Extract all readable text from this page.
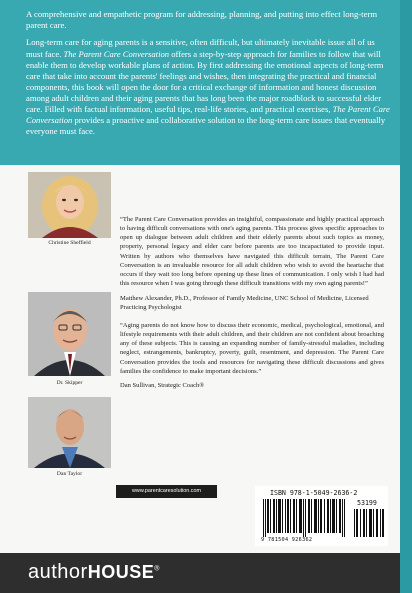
A comprehensive and empathetic program for addressing, planning, and putting into effect long-term parent care.

Long-term care for aging parents is a sensitive, often difficult, but ultimately inevitable issue all of us must face. The Parent Care Conversation offers a step-by-step approach for families to follow that will enable them to develop workable plans of action. By first addressing the emotional aspects of long-term care that take into account the parents' feelings and wishes, then integrating the practical and financial components, this book will open the door for a critical exchange of information and honest discussion among adult children and their aging parents that has long been the major roadblock to successful elder care. Filled with factual information, useful tips, real-life stories, and practical exercises, The Parent Care Conversation provides a proactive and collaborative solution to the long-term care issues that eventually everyone must face.

Christine Sheffield
Dr. Skipper
Dan Taylor

“The Parent Care Conversation provides an insightful, compassionate and highly practical approach to having difficult conversations with one's aging parents. This process gives specific approaches to open up dialogue between adult children and their elderly parents about such topics as money, property, personal legacy and elder care before parents are too incapacitated to provide input. Written by authors who themselves have navigated this difficult terrain, The Parent Care Conversation is an invaluable resource for all adult children who wish to avoid the heartache that occurs if they wait too long before opening up these lines of communication. I only wish I had had this resource when I was going through these difficult transitions with my own aging parents!”

Matthew Alexander, Ph.D., Professor of Family Medicine, UNC School of Medicine, Licensed Practicing Psychologist

“Aging parents do not know how to discuss their economic, medical, psychological, emotional, and lifestyle requirements with their adult children, and their children are not confident about broaching any of these subjects. This is causing an expanding number of family-stressful maladies, including neglect, estrangements, bankruptcy, poverty, guilt, resentment, and depression. The Parent Care Conversation provides the tools and resources for navigating these difficult discussions and gives families the confidence to make important decisions.”

Dan Sullivan, Strategic Coach®

www.parentcaresolution.com	ISBN 978-1-5049-2636-2
53199
9 781504 926362
authorHOUSE®
